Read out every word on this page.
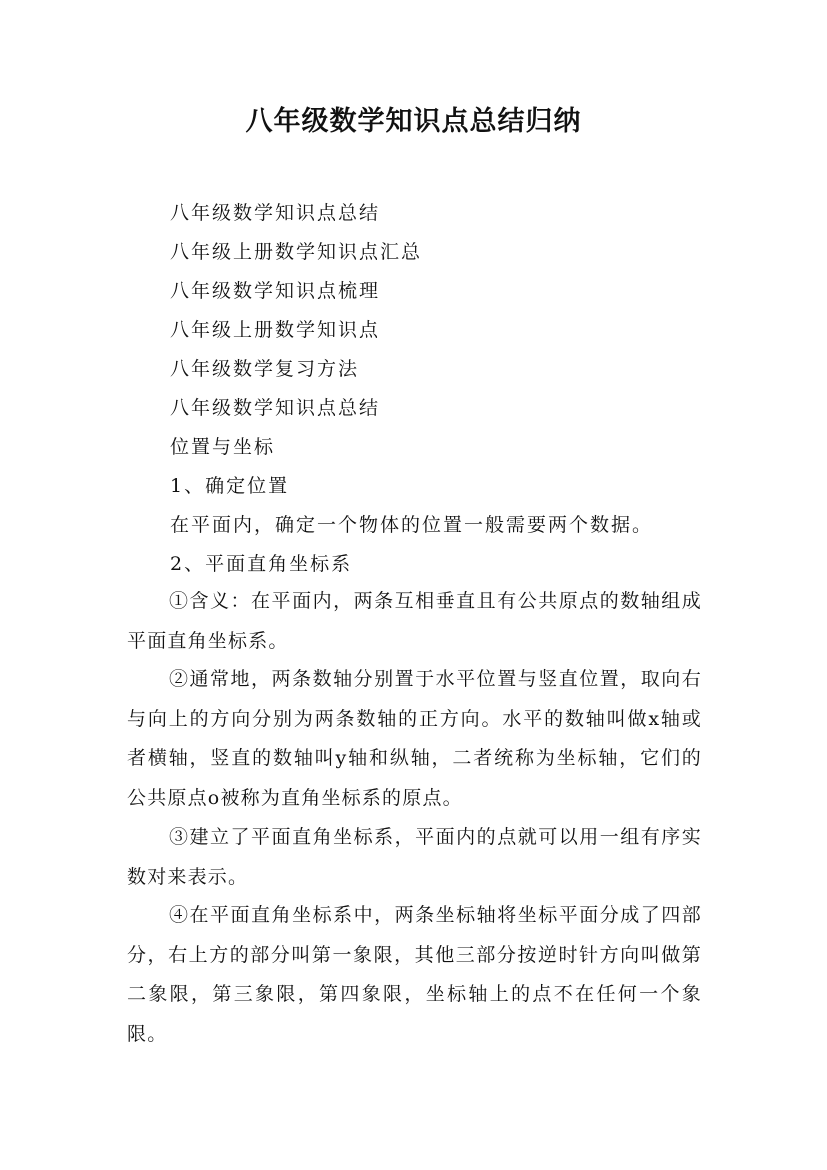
八年级数学知识点总结归纳
八年级数学知识点总结
八年级上册数学知识点汇总
八年级数学知识点梳理
八年级上册数学知识点
八年级数学复习方法
八年级数学知识点总结
位置与坐标
1、确定位置
在平面内，确定一个物体的位置一般需要两个数据。
2、平面直角坐标系

①含义：在平面内，两条互相垂直且有公共原点的数轴组成平面直角坐标系。

②通常地，两条数轴分别置于水平位置与竖直位置，取向右与向上的方向分别为两条数轴的正方向。水平的数轴叫做x轴或者横轴，竖直的数轴叫y轴和纵轴，二者统称为坐标轴，它们的公共原点o被称为直角坐标系的原点。

③建立了平面直角坐标系，平面内的点就可以用一组有序实数对来表示。

④在平面直角坐标系中，两条坐标轴将坐标平面分成了四部分，右上方的部分叫第一象限，其他三部分按逆时针方向叫做第二象限，第三象限，第四象限，坐标轴上的点不在任何一个象限。
